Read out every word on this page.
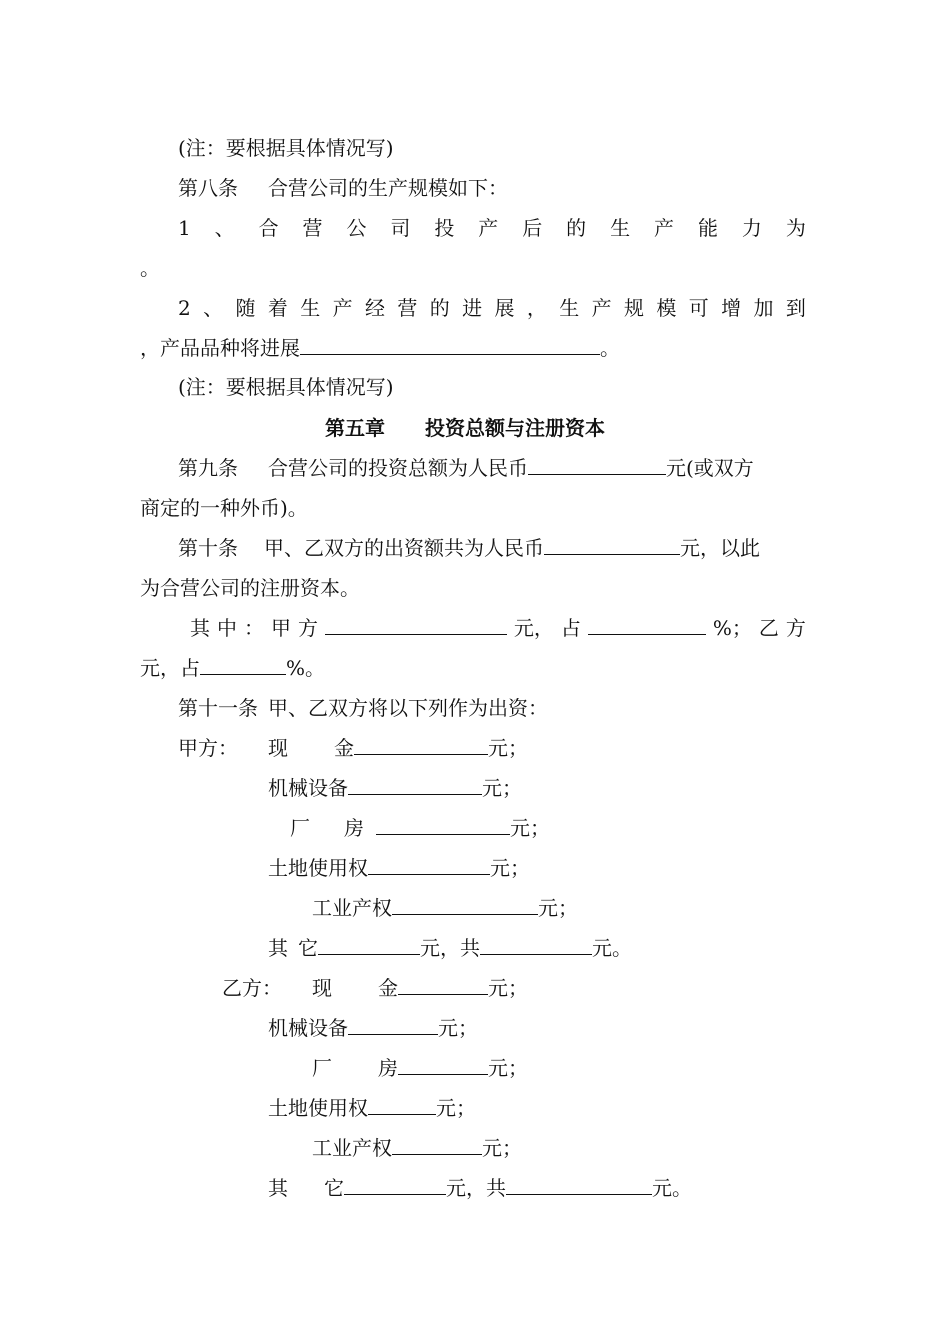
(注：要根据具体情况写)
第八条 合营公司的生产规模如下：
1 、 合 营 公 司 投 产 后 的 生 产 能 力 为
。
2 、 随 着 生 产 经 营 的 进 展 ， 生 产 规 模 可 增 加 到
，产品品种将进展	。
(注：要根据具体情况写)
第五章 投资总额与注册资本
第九条 合营公司的投资总额为人民币	元(或双方
商定的一种外币)。
第十条 甲、乙双方的出资额共为人民币	元，以此
为合营公司的注册资本。
其 中 ： 甲 方	元， 占	%； 乙 方
元，占	%。
第十一条 甲、乙双方将以下列作为出资：
甲方： 现 金	元；
机械设备	元；
厂 房	元；
土地使用权	元；
工业产权	元；
其 它	元，共	元。
乙方： 现 金	元；
机械设备	元；
厂 房	元；
土地使用权	元；
工业产权	元；
其 它	元，共	元。
